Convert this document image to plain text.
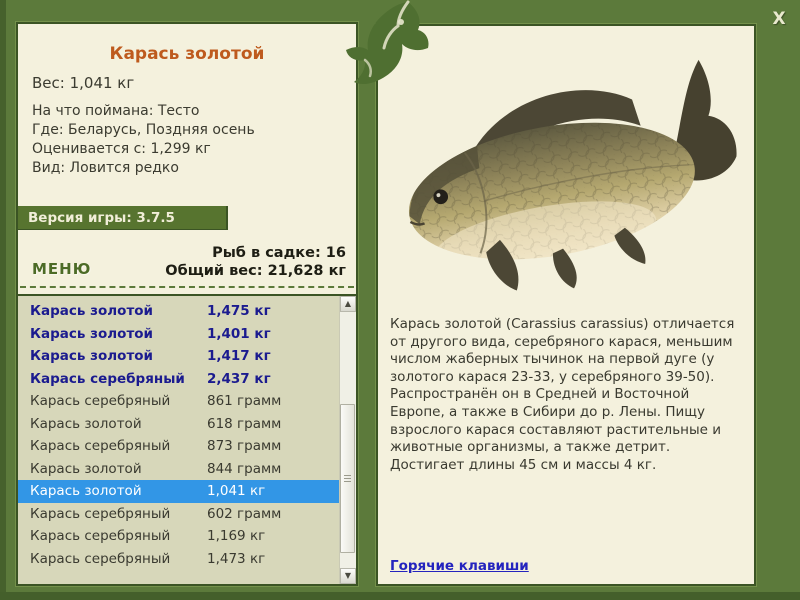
Карась золотой
Вес: 1,041 кг
На что поймана: Тесто
Где: Беларусь, Поздняя осень
Оценивается с: 1,299 кг
Вид: Ловится редко
Версия игры: 3.7.5
МЕНЮ
Рыб в садке: 16
Общий вес: 21,628 кг
Карась золотой	1,475 кг
Карась золотой	1,401 кг
Карась золотой	1,417 кг
Карась серебряный	2,437 кг
Карась серебряный	861 грамм
Карась золотой	618 грамм
Карась серебряный	873 грамм
Карась золотой	844 грамм
Карась золотой	1,041 кг
Карась серебряный	602 грамм
Карась серебряный	1,169 кг
Карась серебряный	1,473 кг
▲
▼
Карась золотой (Carassius carassius) отличается от другого вида, серебряного карася, меньшим числом жаберных тычинок на первой дуге (у золотого карася 23-33, у серебряного 39-50). Распространён он в Средней и Восточной Европе, а также в Сибири до р. Лены. Пищу взрослого карася составляют растительные и животные организмы, а также детрит. Достигает длины 45 см и массы 4 кг.
Горячие клавиши
X
